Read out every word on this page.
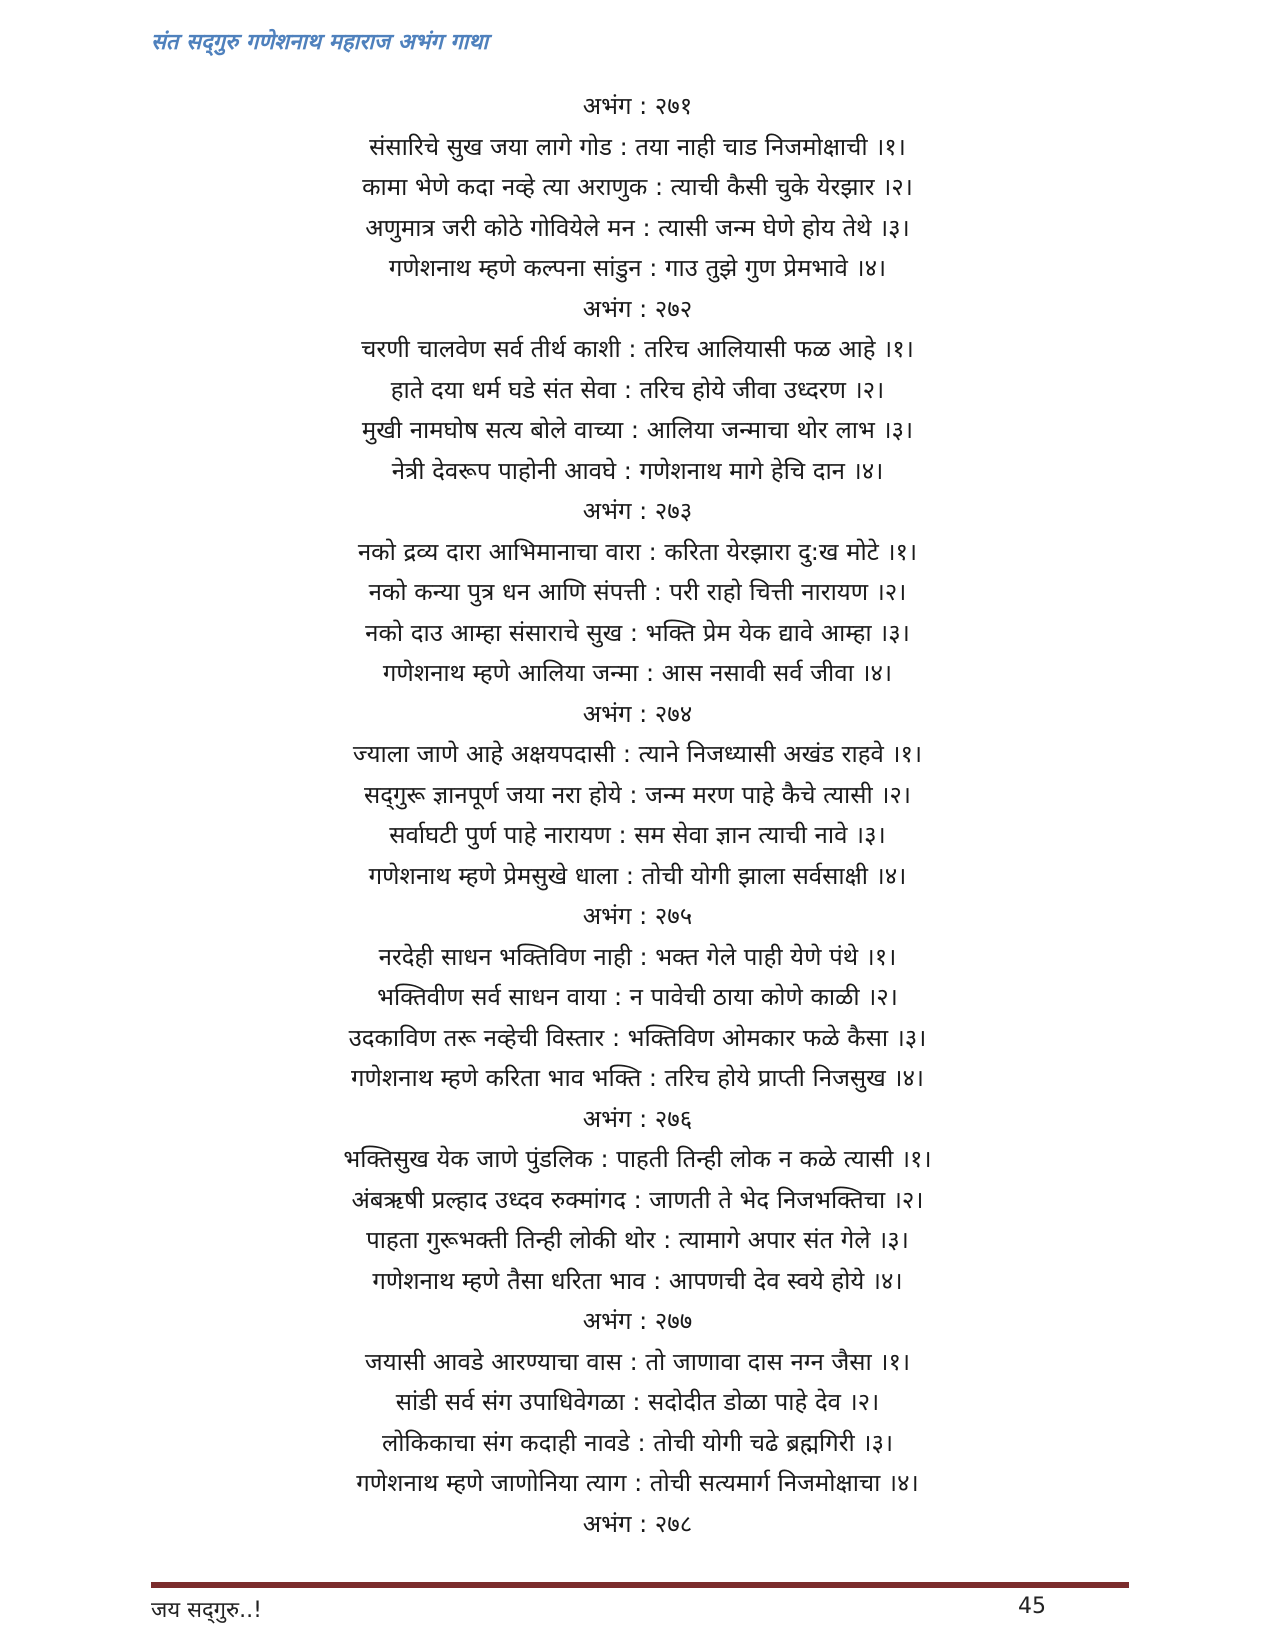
संत सद्‌गुरु गणेशनाथ महाराज अभंग गाथा
अभंग : २७१
संसारिचे सुख जया लागे गोड : तया नाही चाड निजमोक्षाची ।१।
कामा भेणे कदा नव्हे त्या अराणुक : त्याची कैसी चुके येरझार ।२।
अणुमात्र जरी कोठे गोवियेले मन : त्यासी जन्म घेणे होय तेथे ।३।
गणेशनाथ म्हणे कल्पना सांडुन : गाउ तुझे गुण प्रेमभावे ।४।
अभंग : २७२
चरणी चालवेण सर्व तीर्थ काशी : तरिच आलियासी फळ आहे ।१।
हाते दया धर्म घडे संत सेवा : तरिच होये जीवा उध्दरण ।२।
मुखी नामघोष सत्य बोले वाच्या : आलिया जन्माचा थोर लाभ ।३।
नेत्री देवरूप पाहोनी आवघे : गणेशनाथ मागे हेचि दान ।४।
अभंग : २७३
नको द्रव्य दारा आभिमानाचा वारा : करिता येरझारा दु:ख मोटे ।१।
नको कन्या पुत्र धन आणि संपत्ती : परी राहो चित्ती नारायण ।२।
नको दाउ आम्हा संसाराचे सुख : भक्ति प्रेम येक द्यावे आम्हा ।३।
गणेशनाथ म्हणे आलिया जन्मा : आस नसावी सर्व जीवा ।४।
अभंग : २७४
ज्याला जाणे आहे अक्षयपदासी : त्याने निजध्यासी अखंड राहवे ।१।
सद्‌गुरू ज्ञानपूर्ण जया नरा होये : जन्म मरण पाहे कैचे त्यासी ।२।
सर्वाघटी पुर्ण पाहे नारायण : सम सेवा ज्ञान त्याची नावे ।३।
गणेशनाथ म्हणे प्रेमसुखे धाला : तोची योगी झाला सर्वसाक्षी ।४।
अभंग : २७५
नरदेही साधन भक्तिविण नाही : भक्त गेले पाही येणे पंथे ।१।
भक्तिवीण सर्व साधन वाया : न पावेची ठाया कोणे काळी ।२।
उदकाविण तरू नव्हेची विस्तार : भक्तिविण ओमकार फळे कैसा ।३।
गणेशनाथ म्हणे करिता भाव भक्ति : तरिच होये प्राप्ती निजसुख ।४।
अभंग : २७६
भक्तिसुख येक जाणे पुंडलिक : पाहती तिन्ही लोक न कळे त्यासी ।१।
अंबऋषी प्रल्हाद उध्दव रुक्मांगद : जाणती ते भेद निजभक्तिचा ।२।
पाहता गुरूभक्ती तिन्ही लोकी थोर : त्यामागे अपार संत गेले ।३।
गणेशनाथ म्हणे तैसा धरिता भाव : आपणची देव स्वये होये ।४।
अभंग : २७७
जयासी आवडे आरण्याचा वास : तो जाणावा दास नग्न जैसा ।१।
सांडी सर्व संग उपाधिवेगळा : सदोदीत डोळा पाहे देव ।२।
लोकिकाचा संग कदाही नावडे : तोची योगी चढे ब्रह्मगिरी ।३।
गणेशनाथ म्हणे जाणोनिया त्याग : तोची सत्यमार्ग निजमोक्षाचा ।४।
अभंग : २७८
जय सद्‌गुरु..!	45
